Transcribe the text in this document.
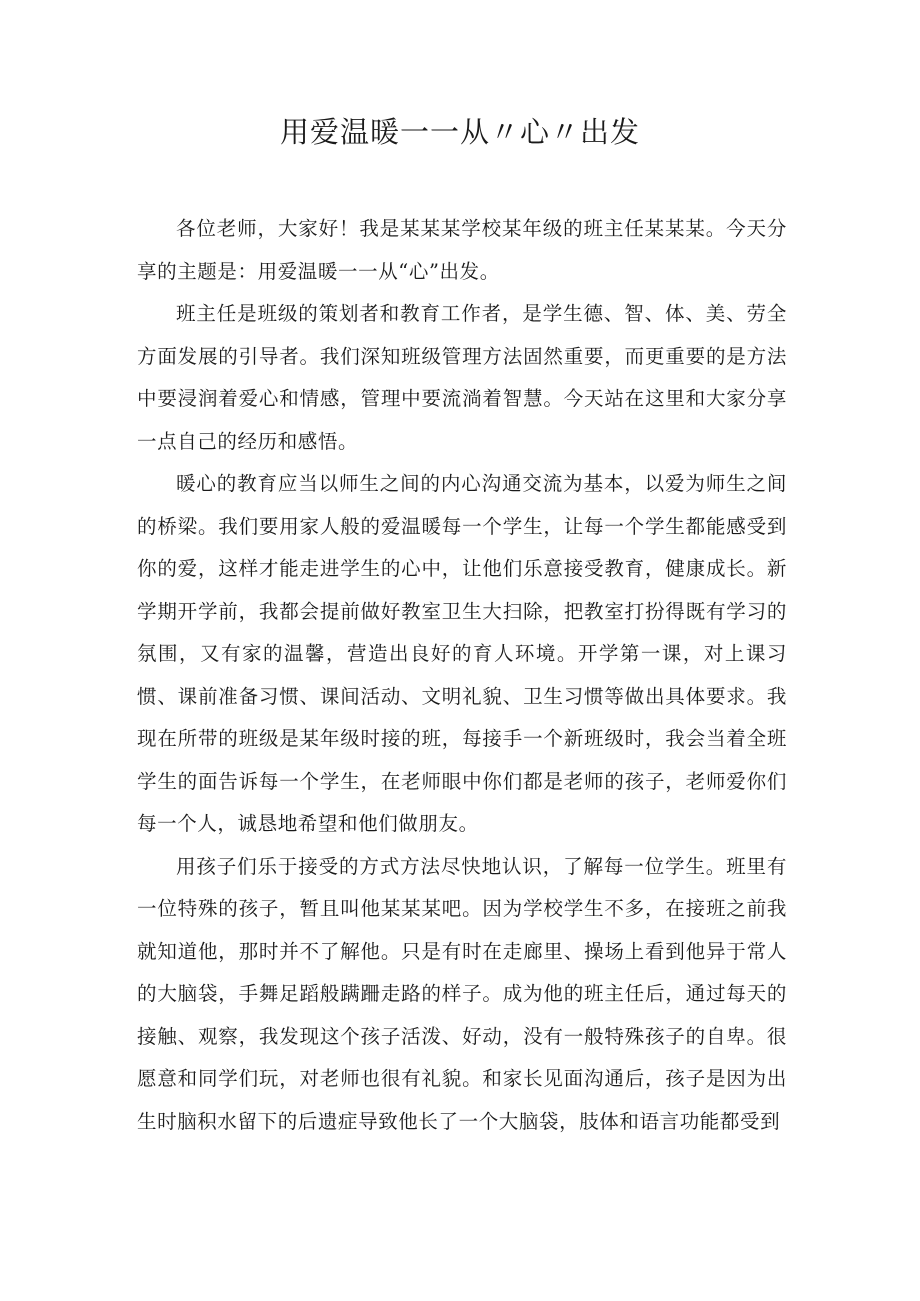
用爱温暖一一从〃心〃出发

各位老师，大家好！我是某某某学校某年级的班主任某某某。今天分享的主题是：用爱温暖一一从“心”出发。

班主任是班级的策划者和教育工作者，是学生德、智、体、美、劳全方面发展的引导者。我们深知班级管理方法固然重要，而更重要的是方法中要浸润着爱心和情感，管理中要流淌着智慧。今天站在这里和大家分享一点自己的经历和感悟。

暖心的教育应当以师生之间的内心沟通交流为基本，以爱为师生之间的桥梁。我们要用家人般的爱温暖每一个学生，让每一个学生都能感受到你的爱，这样才能走进学生的心中，让他们乐意接受教育，健康成长。新学期开学前，我都会提前做好教室卫生大扫除，把教室打扮得既有学习的氛围，又有家的温馨，营造出良好的育人环境。开学第一课，对上课习惯、课前准备习惯、课间活动、文明礼貌、卫生习惯等做出具体要求。我现在所带的班级是某年级时接的班，每接手一个新班级时，我会当着全班学生的面告诉每一个学生，在老师眼中你们都是老师的孩子，老师爱你们每一个人，诚恳地希望和他们做朋友。

用孩子们乐于接受的方式方法尽快地认识，了解每一位学生。班里有一位特殊的孩子，暂且叫他某某某吧。因为学校学生不多，在接班之前我就知道他，那时并不了解他。只是有时在走廊里、操场上看到他异于常人的大脑袋，手舞足蹈般蹒跚走路的样子。成为他的班主任后，通过每天的接触、观察，我发现这个孩子活泼、好动，没有一般特殊孩子的自卑。很愿意和同学们玩，对老师也很有礼貌。和家长见面沟通后，孩子是因为出生时脑积水留下的后遗症导致他长了一个大脑袋，肢体和语言功能都受到
